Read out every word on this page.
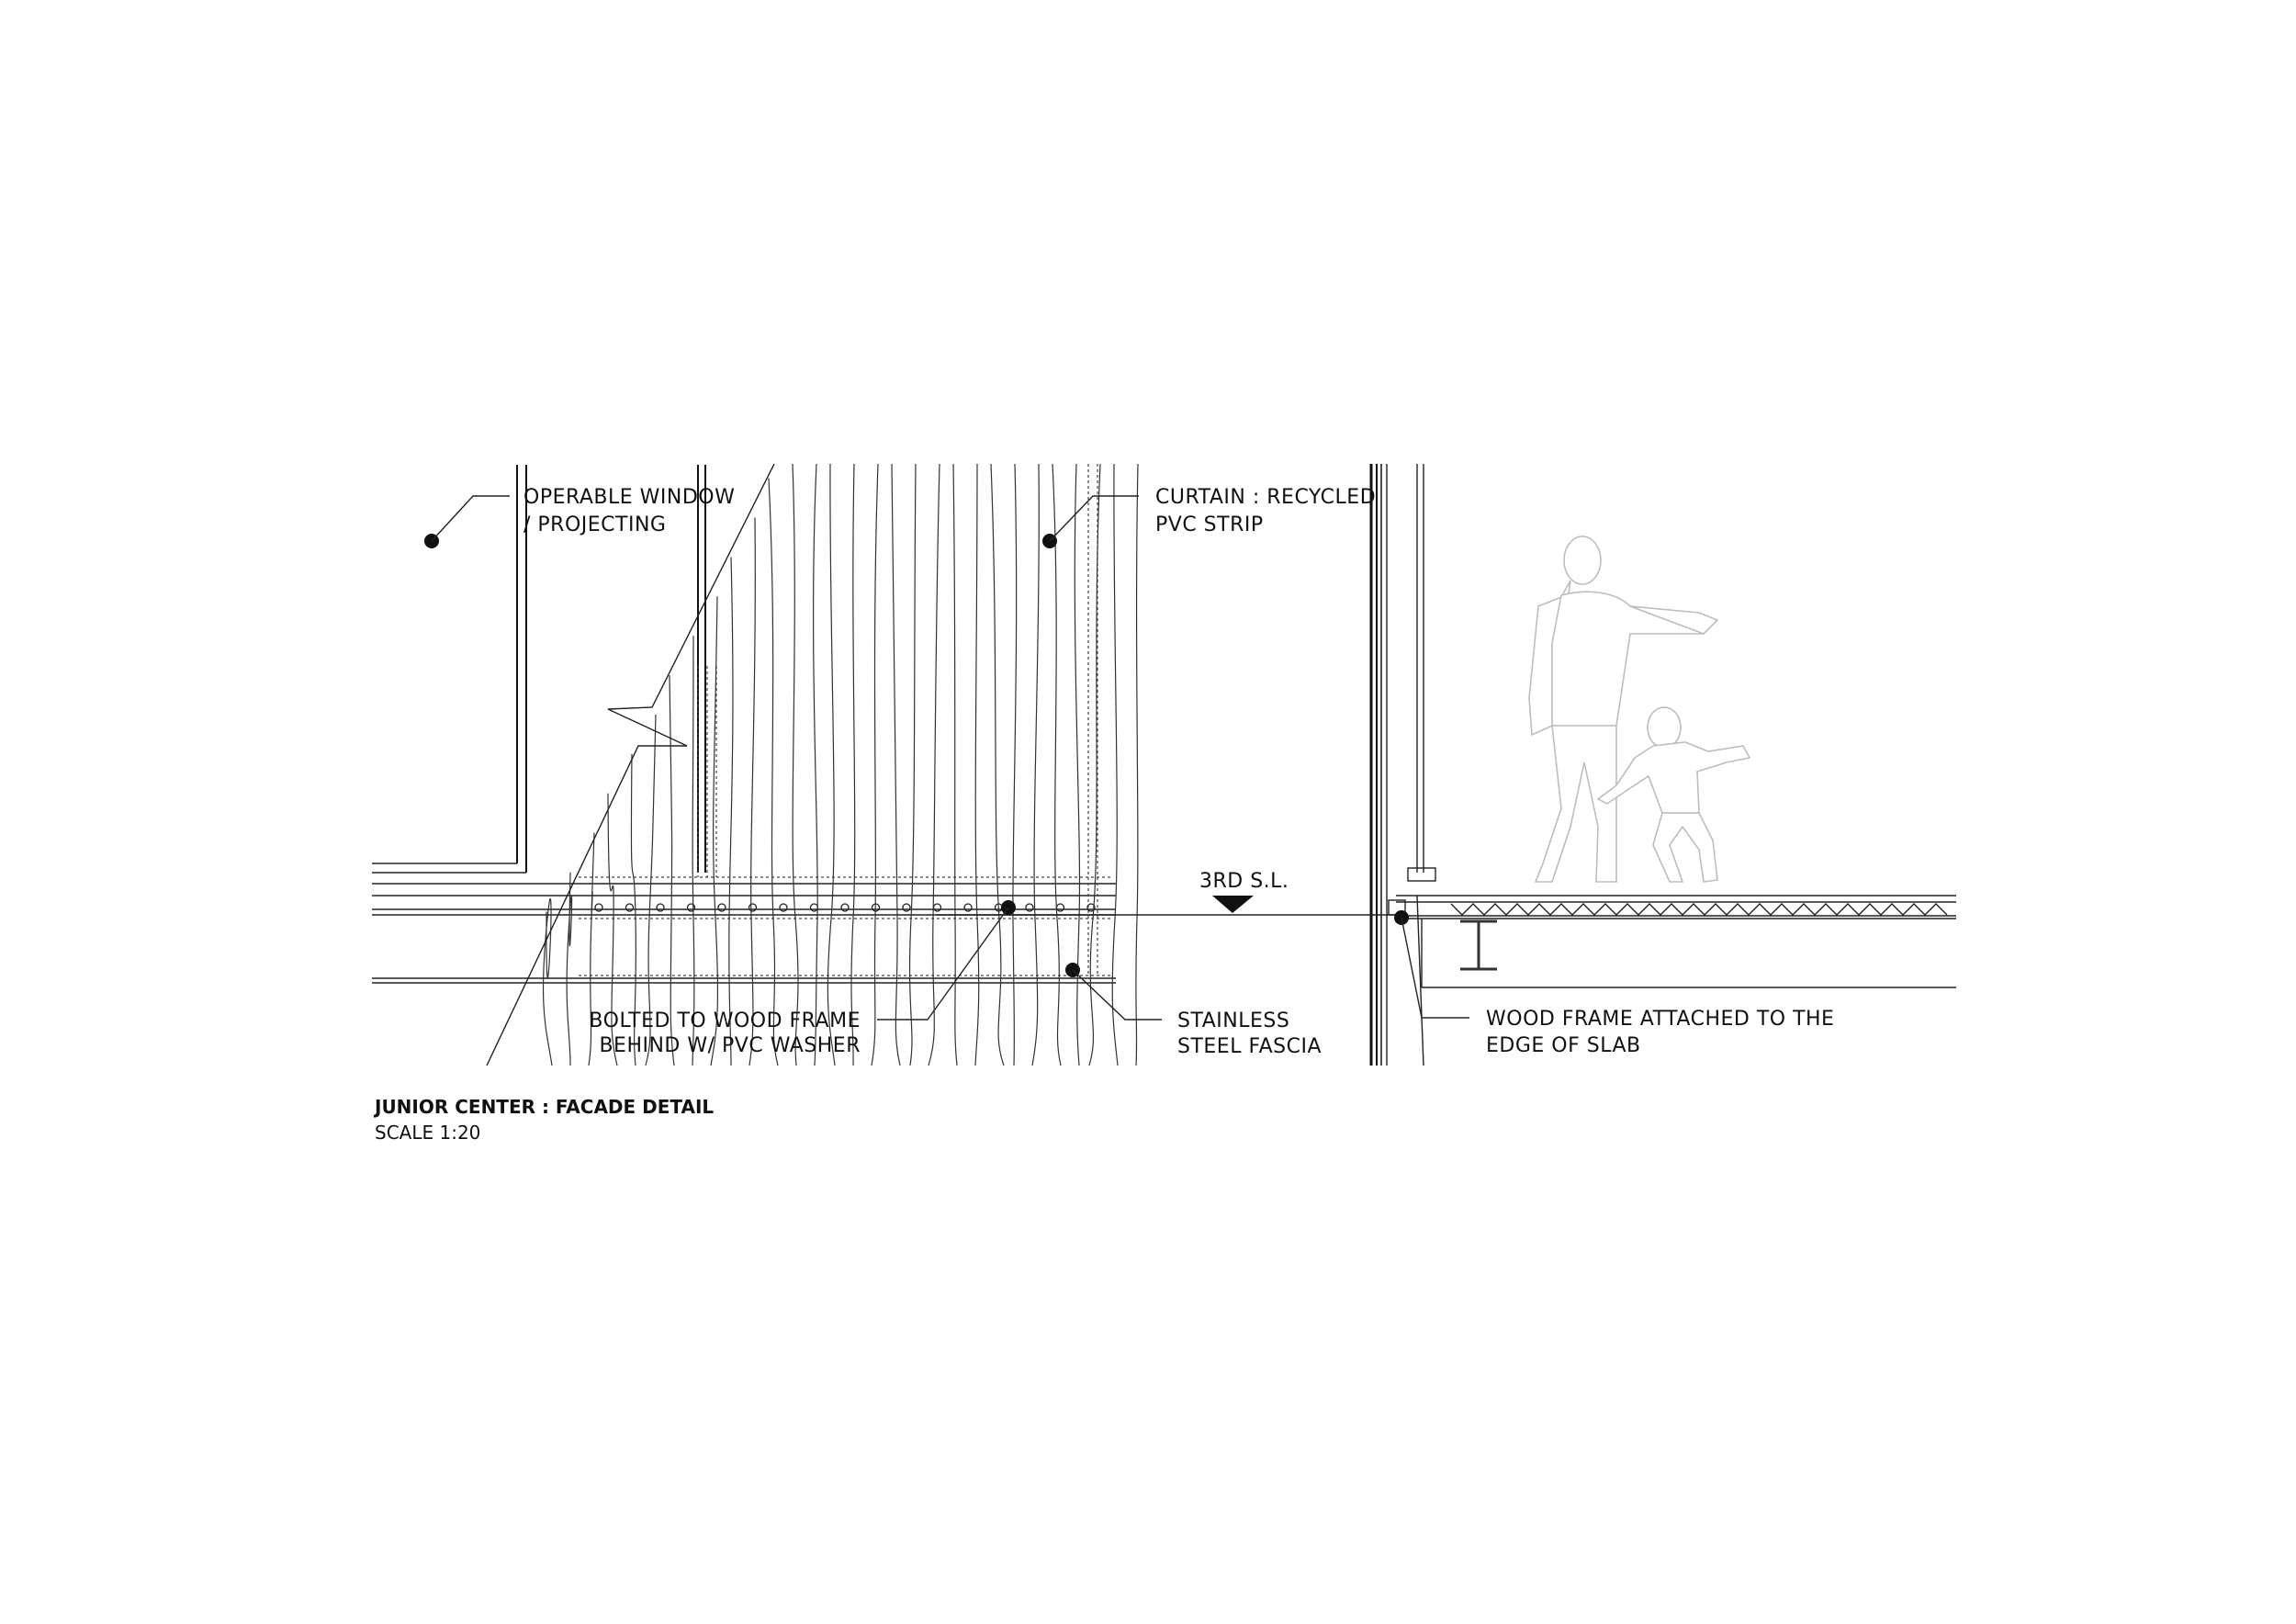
3RD S.L.
OPERABLE WINDOW
/ PROJECTING
CURTAIN : RECYCLED
PVC STRIP
BOLTED TO WOOD FRAME
BEHIND W/ PVC WASHER
STAINLESS
STEEL FASCIA
WOOD FRAME ATTACHED TO THE
EDGE OF SLAB
JUNIOR CENTER : FACADE DETAIL
SCALE 1:20
